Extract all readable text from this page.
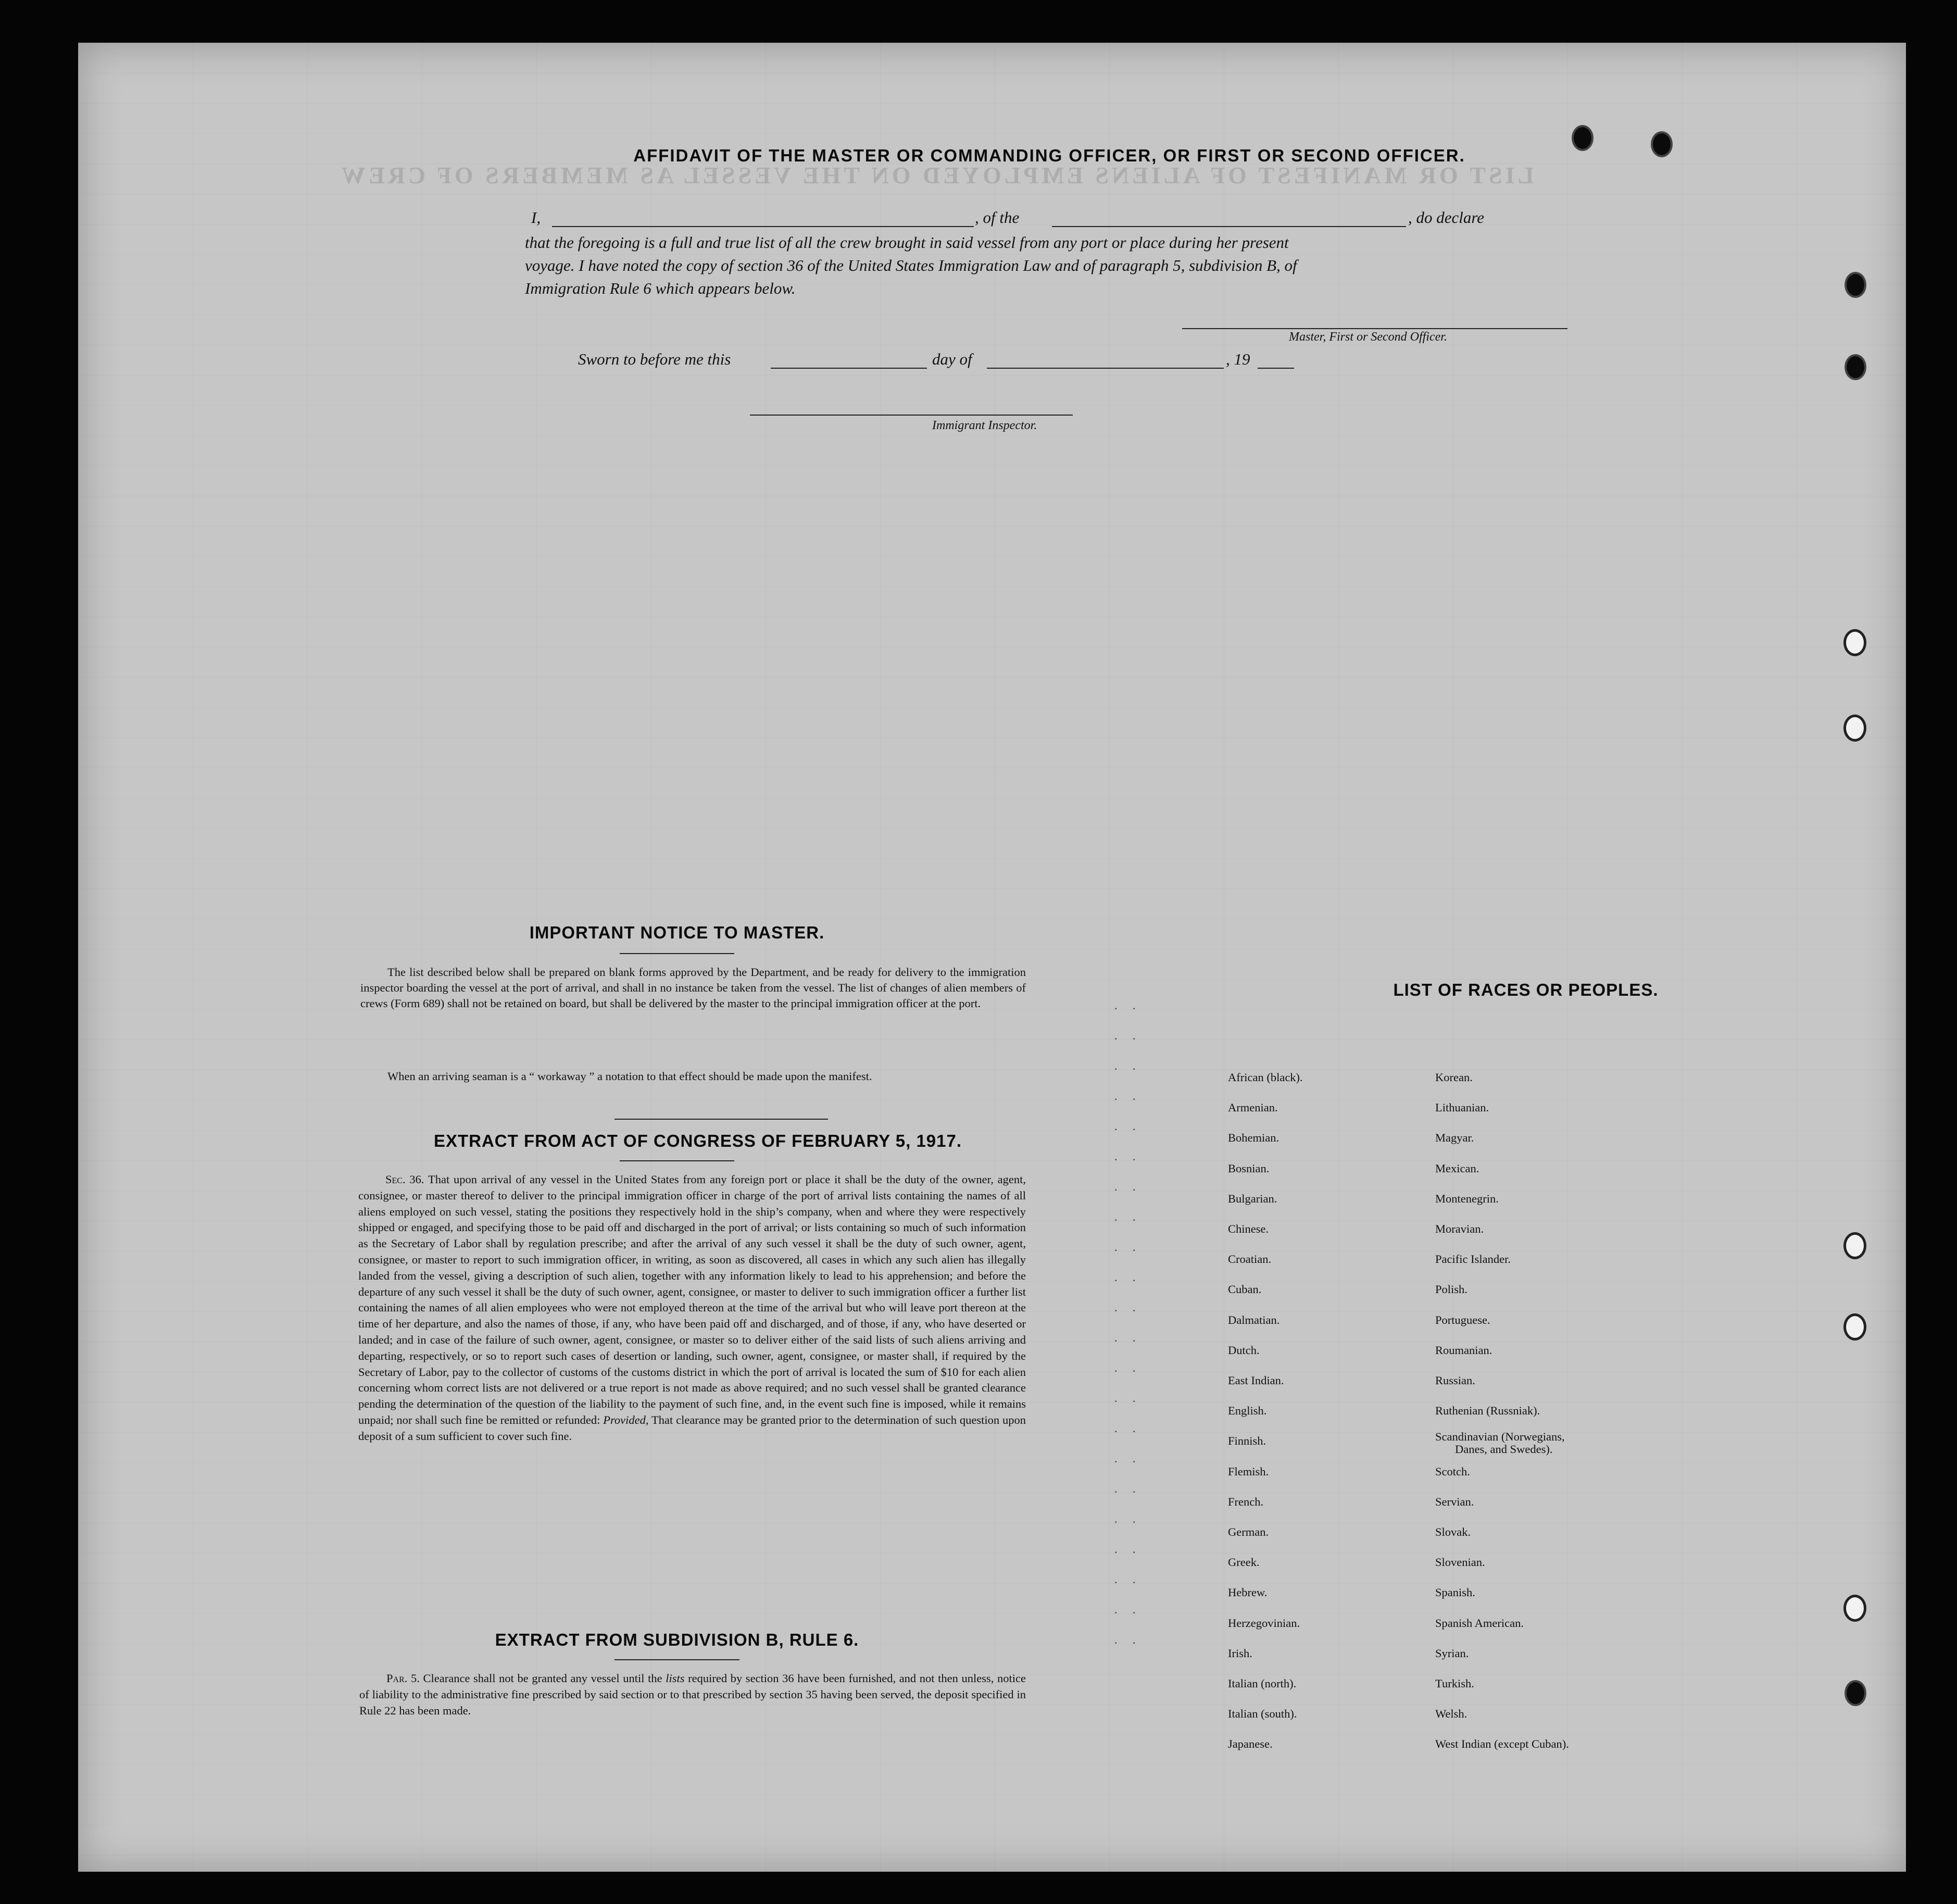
LIST OR MANIFEST OF ALIENS EMPLOYED ON THE VESSEL AS MEMBERS OF CREW
AFFIDAVIT OF THE MASTER OR COMMANDING OFFICER, OR FIRST OR SECOND OFFICER.
I,	, of the	, do declare
that the foregoing is a full and true list of all the crew brought in said vessel from any port or place during her present
voyage. I have noted the copy of section 36 of the United States Immigration Law and of paragraph 5, subdivision B, of
Immigration Rule 6 which appears below.
Master, First or Second Officer.
Sworn to before me this	day of	, 19
Immigrant Inspector.
IMPORTANT NOTICE TO MASTER.
The list described below shall be prepared on blank forms approved by the Department, and be ready for delivery to the immigration inspector boarding the vessel at the port of arrival, and shall in no instance be taken from the vessel. The list of changes of alien members of crews (Form 689) shall not be retained on board, but shall be delivered by the master to the principal immigration officer at the port.
When an arriving seaman is a “ workaway ” a notation to that effect should be made upon the manifest.
EXTRACT FROM ACT OF CONGRESS OF FEBRUARY 5, 1917.
Sec. 36. That upon arrival of any vessel in the United States from any foreign port or place it shall be the duty of the owner, agent, consignee, or master thereof to deliver to the principal immigration officer in charge of the port of arrival lists containing the names of all aliens employed on such vessel, stating the positions they respectively hold in the ship’s company, when and where they were respectively shipped or engaged, and specifying those to be paid off and discharged in the port of arrival; or lists containing so much of such information as the Secretary of Labor shall by regulation prescribe; and after the arrival of any such vessel it shall be the duty of such owner, agent, consignee, or master to report to such immigration officer, in writing, as soon as discovered, all cases in which any such alien has illegally landed from the vessel, giving a description of such alien, together with any information likely to lead to his apprehension; and before the departure of any such vessel it shall be the duty of such owner, agent, consignee, or master to deliver to such immigration officer a further list containing the names of all alien employees who were not employed thereon at the time of the arrival but who will leave port thereon at the time of her departure, and also the names of those, if any, who have been paid off and discharged, and of those, if any, who have deserted or landed; and in case of the failure of such owner, agent, consignee, or master so to deliver either of the said lists of such aliens arriving and departing, respectively, or so to report such cases of desertion or landing, such owner, agent, consignee, or master shall, if required by the Secretary of Labor, pay to the collector of customs of the customs district in which the port of arrival is located the sum of $10 for each alien concerning whom correct lists are not delivered or a true report is not made as above required; and no such vessel shall be granted clearance pending the determination of the question of the liability to the payment of such fine, and, in the event such fine is imposed, while it remains unpaid; nor shall such fine be remitted or refunded: Provided, That clearance may be granted prior to the determination of such question upon deposit of a sum sufficient to cover such fine.
EXTRACT FROM SUBDIVISION B, RULE 6.
Par. 5. Clearance shall not be granted any vessel until the lists required by section 36 have been furnished, and not then unless, notice of liability to the administrative fine prescribed by said section or to that prescribed by section 35 having been served, the deposit specified in Rule 22 has been made.
LIST OF RACES OR PEOPLES.
. .
. .
. .
. .
. .
. .
. .
. .
. .
. .
. .
. .
. .
. .
. .
. .
. .
. .
. .
. .
. .
. .
African (black).
Armenian.
Bohemian.
Bosnian.
Bulgarian.
Chinese.
Croatian.
Cuban.
Dalmatian.
Dutch.
East Indian.
English.
Finnish.
Flemish.
French.
German.
Greek.
Hebrew.
Herzegovinian.
Irish.
Italian (north).
Italian (south).
Japanese.
Korean.
Lithuanian.
Magyar.
Mexican.
Montenegrin.
Moravian.
Pacific Islander.
Polish.
Portuguese.
Roumanian.
Russian.
Ruthenian (Russniak).
Scandinavian (Norwegians,
Danes, and Swedes).
Scotch.
Servian.
Slovak.
Slovenian.
Spanish.
Spanish American.
Syrian.
Turkish.
Welsh.
West Indian (except Cuban).
